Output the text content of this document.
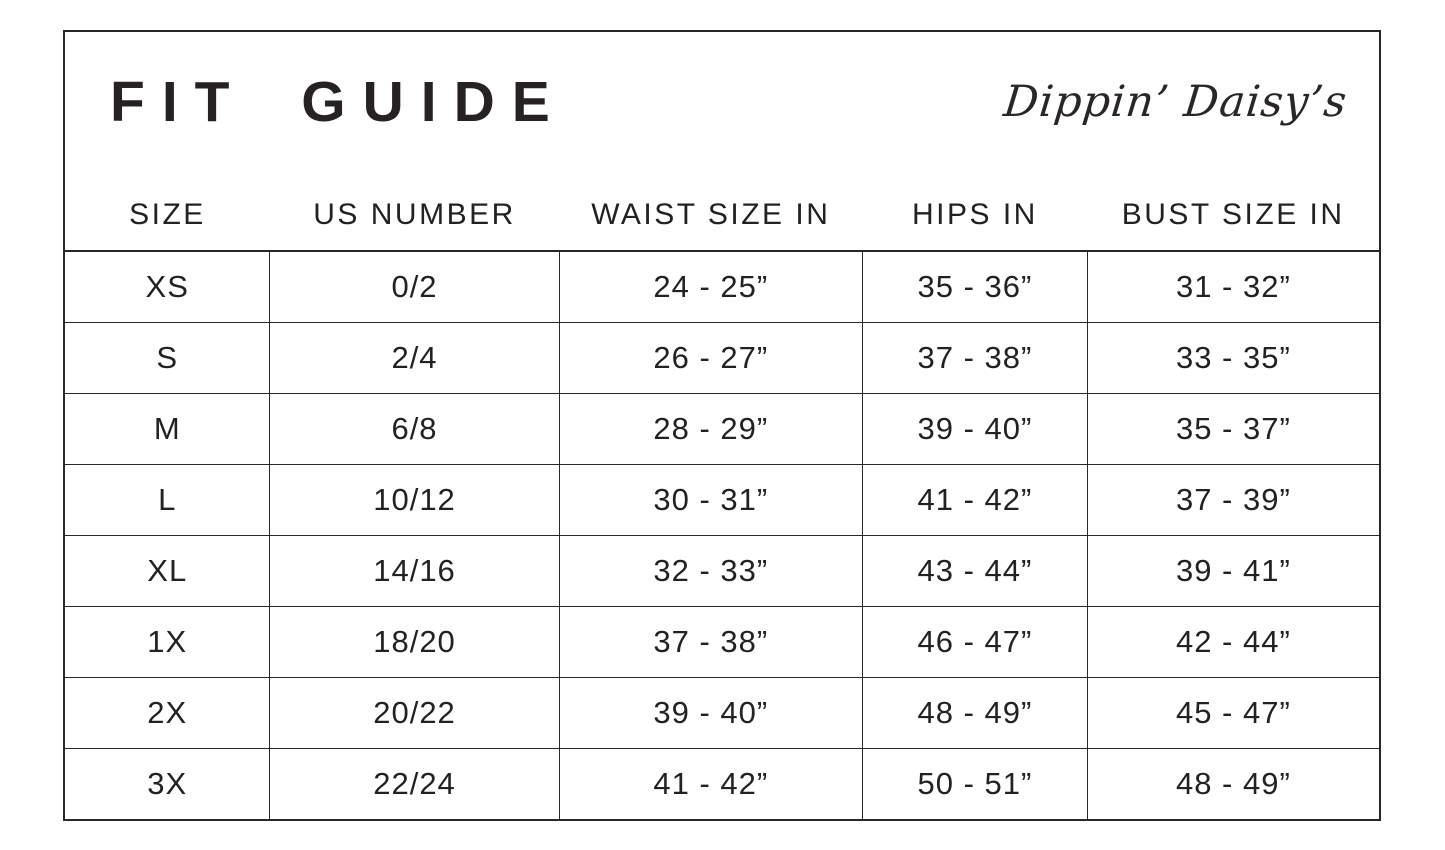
FIT GUIDE	Dippin’ Daisy’s
SIZE	US NUMBER	WAIST SIZE IN	HIPS IN	BUST SIZE IN
XS	0/2	24 - 25”	35 - 36”	31 - 32”
S	2/4	26 - 27”	37 - 38”	33 - 35”
M	6/8	28 - 29”	39 - 40”	35 - 37”
L	10/12	30 - 31”	41 - 42”	37 - 39”
XL	14/16	32 - 33”	43 - 44”	39 - 41”
1X	18/20	37 - 38”	46 - 47”	42 - 44”
2X	20/22	39 - 40”	48 - 49”	45 - 47”
3X	22/24	41 - 42”	50 - 51”	48 - 49”
